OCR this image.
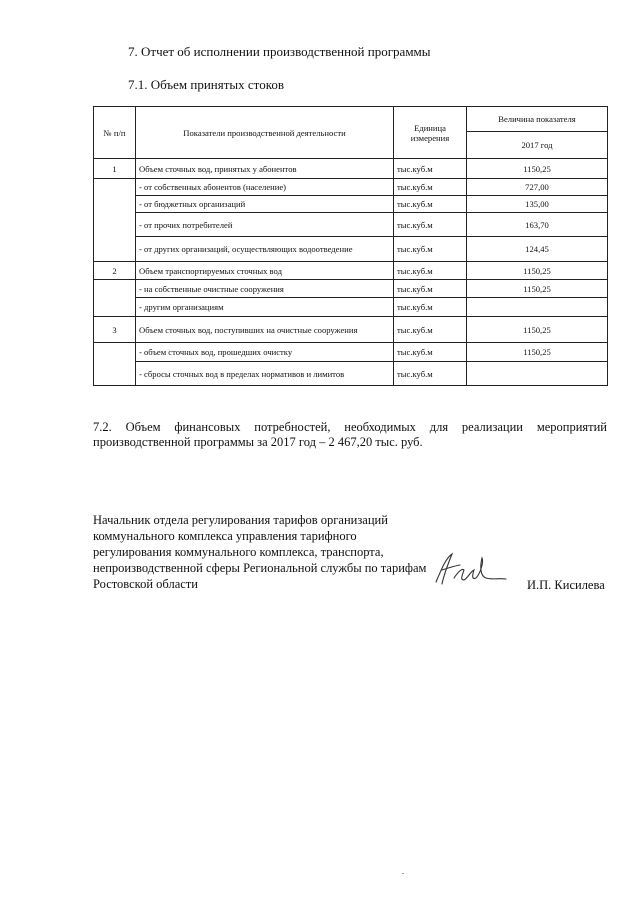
7. Отчет об исполнении производственной программы
7.1. Объем принятых стоков
№ п/п	Показатели производственной деятельности	Единица измерения	Величина показателя
			2017 год
1	Объем сточных вод, принятых у абонентов	тыс.куб.м	1150,25
	- от собственных абонентов (население)	тыс.куб.м	727,00
	- от бюджетных организаций	тыс.куб.м	135,00
	- от прочих потребителей	тыс.куб.м	163,70
	- от других организаций, осуществляющих водоотведение	тыс.куб.м	124,45
2	Объем транспортируемых сточных вод	тыс.куб.м	1150,25
	- на собственные очистные сооружения	тыс.куб.м	1150,25
	- другим организациям	тыс.куб.м	
3	Объем сточных вод, поступивших на очистные сооружения	тыс.куб.м	1150,25
	- объем сточных вод, прошедших очистку	тыс.куб.м	1150,25
	- сбросы сточных вод в пределах нормативов и лимитов	тыс.куб.м	
7.2. Объем финансовых потребностей, необходимых для реализации мероприятий производственной программы за 2017 год – 2 467,20 тыс. руб.
Начальник отдела регулирования тарифов организаций коммунального комплекса управления тарифного регулирования коммунального комплекса, транспорта, непроизводственной сферы Региональной службы по тарифам Ростовской области	И.П. Кисилева
